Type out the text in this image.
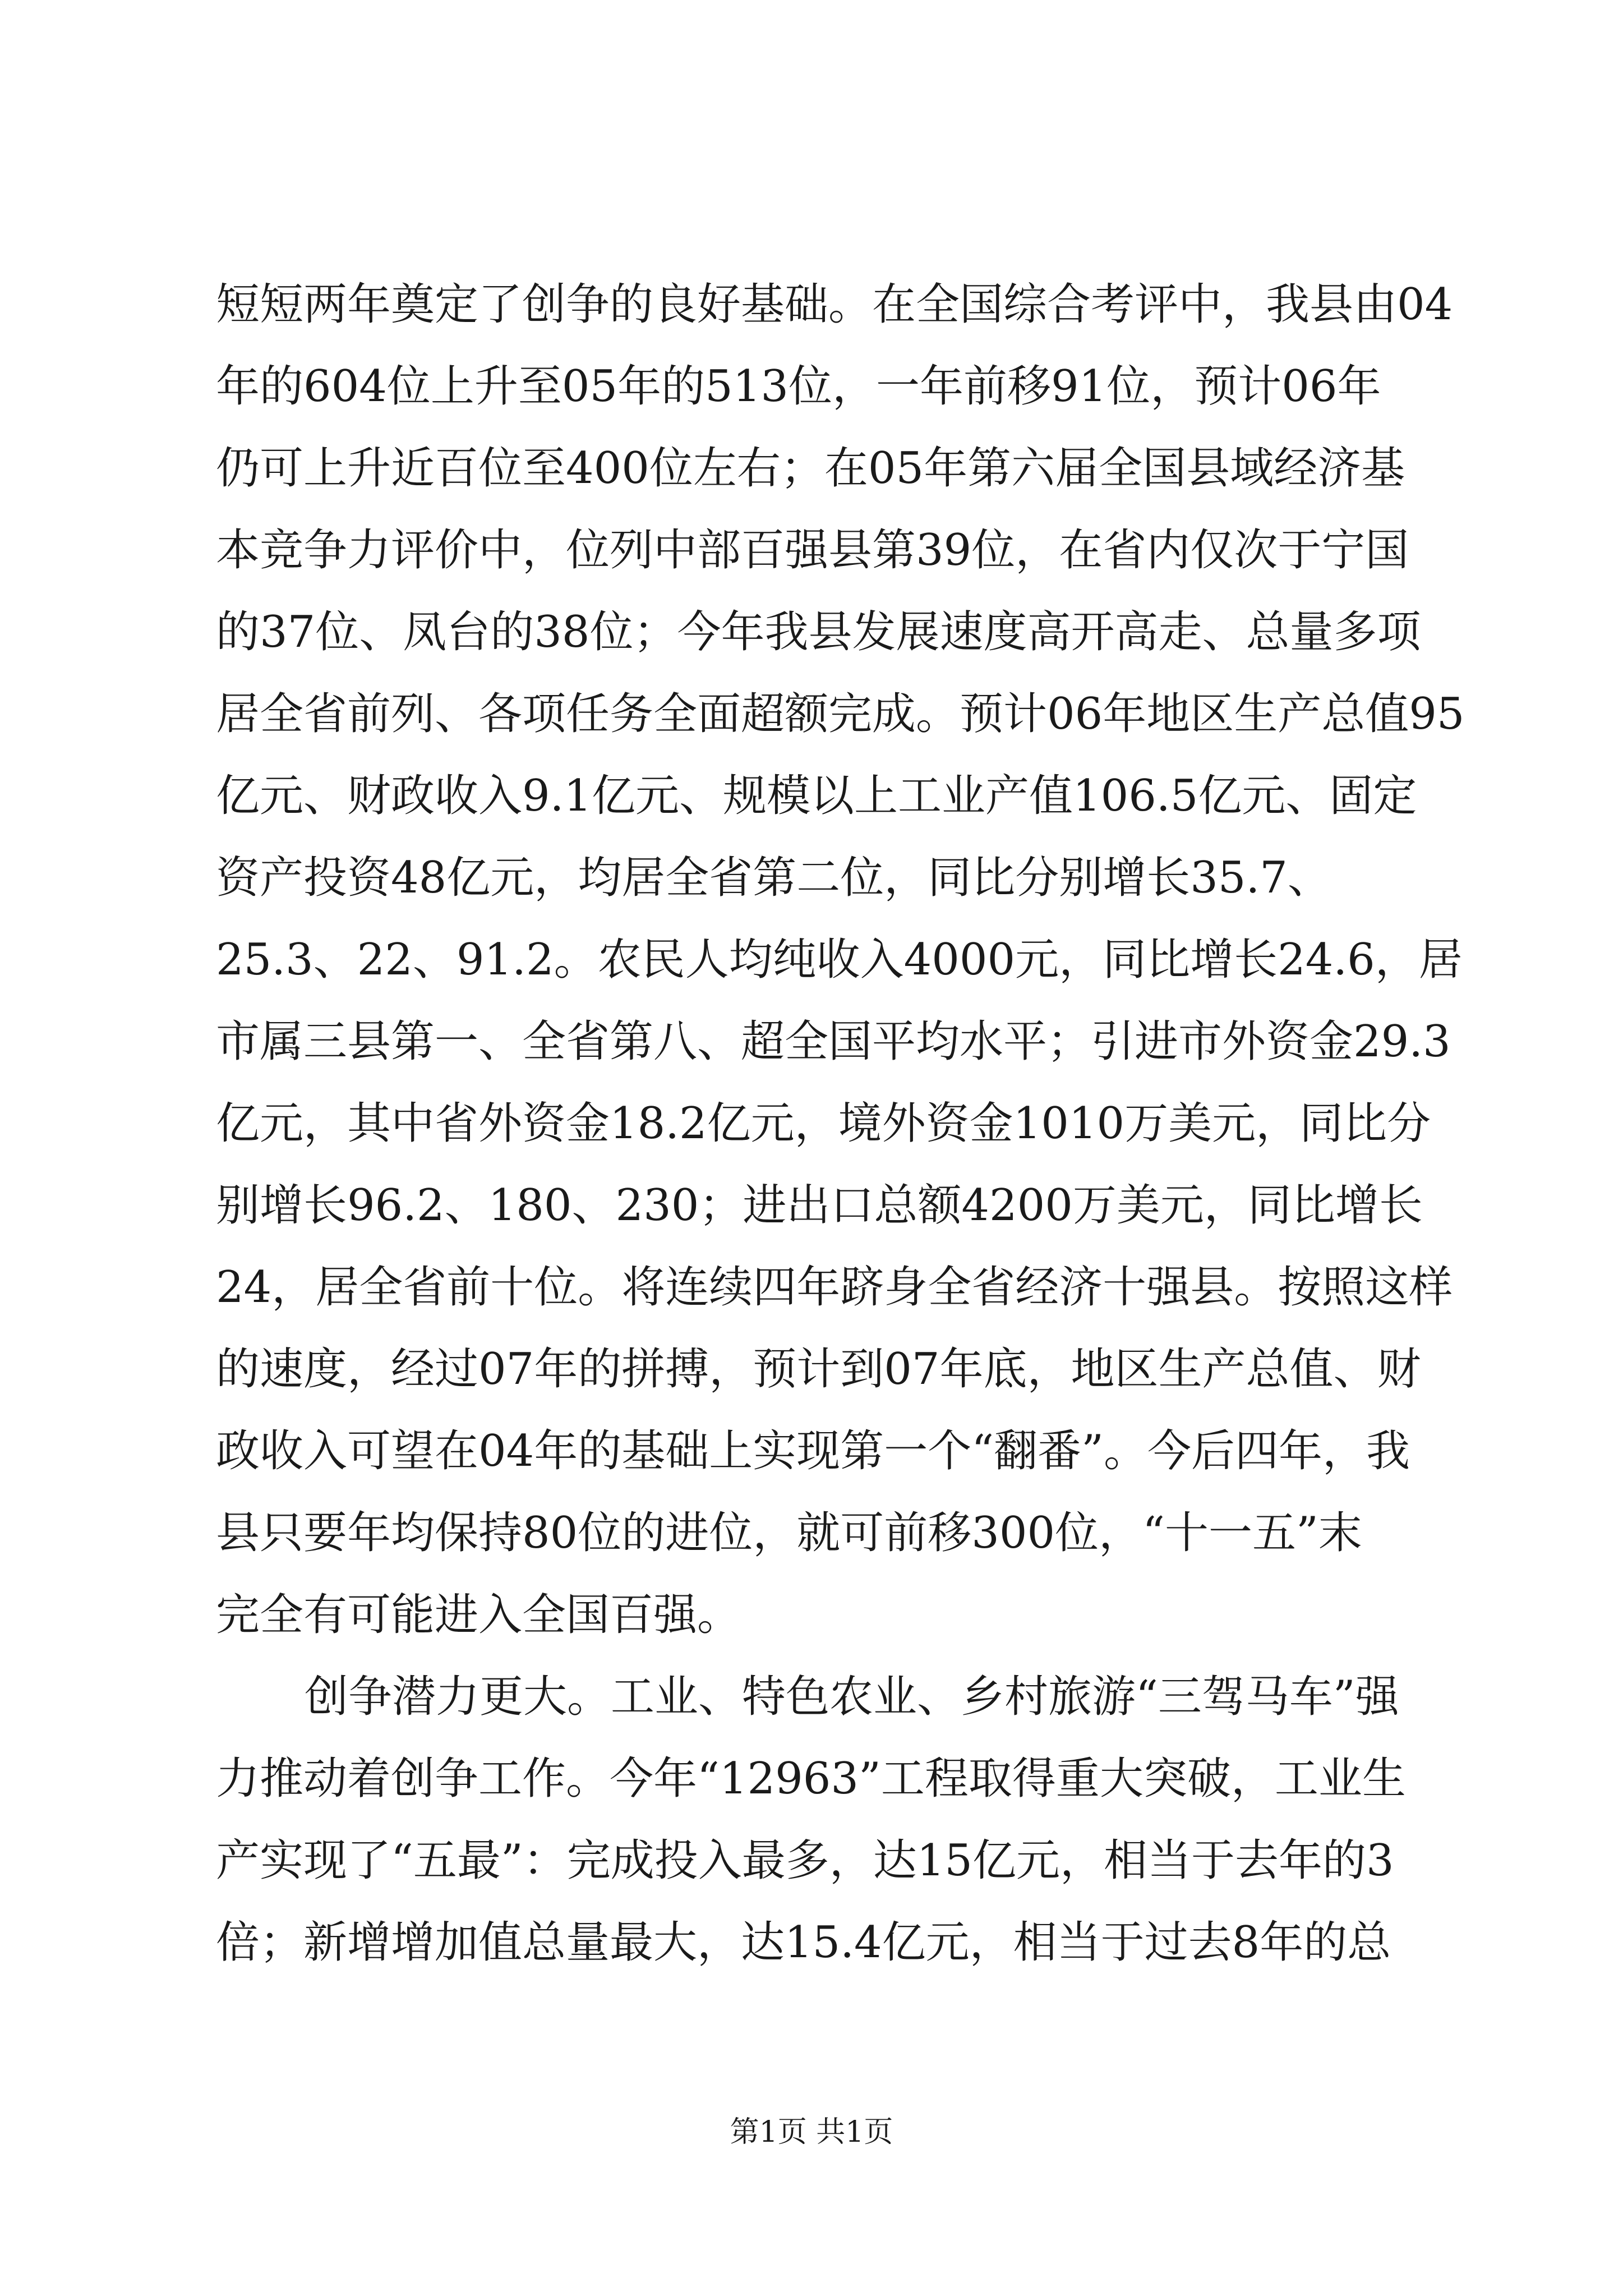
短短两年奠定了创争的良好基础。在全国综合考评中，我县由04
年的604位上升至05年的513位，一年前移91位，预计06年
仍可上升近百位至400位左右；在05年第六届全国县域经济基
本竞争力评价中，位列中部百强县第39位，在省内仅次于宁国
的37位、凤台的38位；今年我县发展速度高开高走、总量多项
居全省前列、各项任务全面超额完成。预计06年地区生产总值95
亿元、财政收入9.1亿元、规模以上工业产值106.5亿元、固定
资产投资48亿元，均居全省第二位，同比分别增长35.7、
25.3、22、91.2。农民人均纯收入4000元，同比增长24.6，居
市属三县第一、全省第八、超全国平均水平；引进市外资金29.3
亿元，其中省外资金18.2亿元，境外资金1010万美元，同比分
别增长96.2、180、230；进出口总额4200万美元，同比增长
24，居全省前十位。将连续四年跻身全省经济十强县。按照这样
的速度，经过07年的拼搏，预计到07年底，地区生产总值、财
政收入可望在04年的基础上实现第一个“翻番”。今后四年，我
县只要年均保持80位的进位，就可前移300位，“十一五”末
完全有可能进入全国百强。
创争潜力更大。工业、特色农业、乡村旅游“三驾马车”强
力推动着创争工作。今年“12963”工程取得重大突破，工业生
产实现了“五最”：完成投入最多，达15亿元，相当于去年的3
倍；新增增加值总量最大，达15.4亿元，相当于过去8年的总
第1页 共1页
